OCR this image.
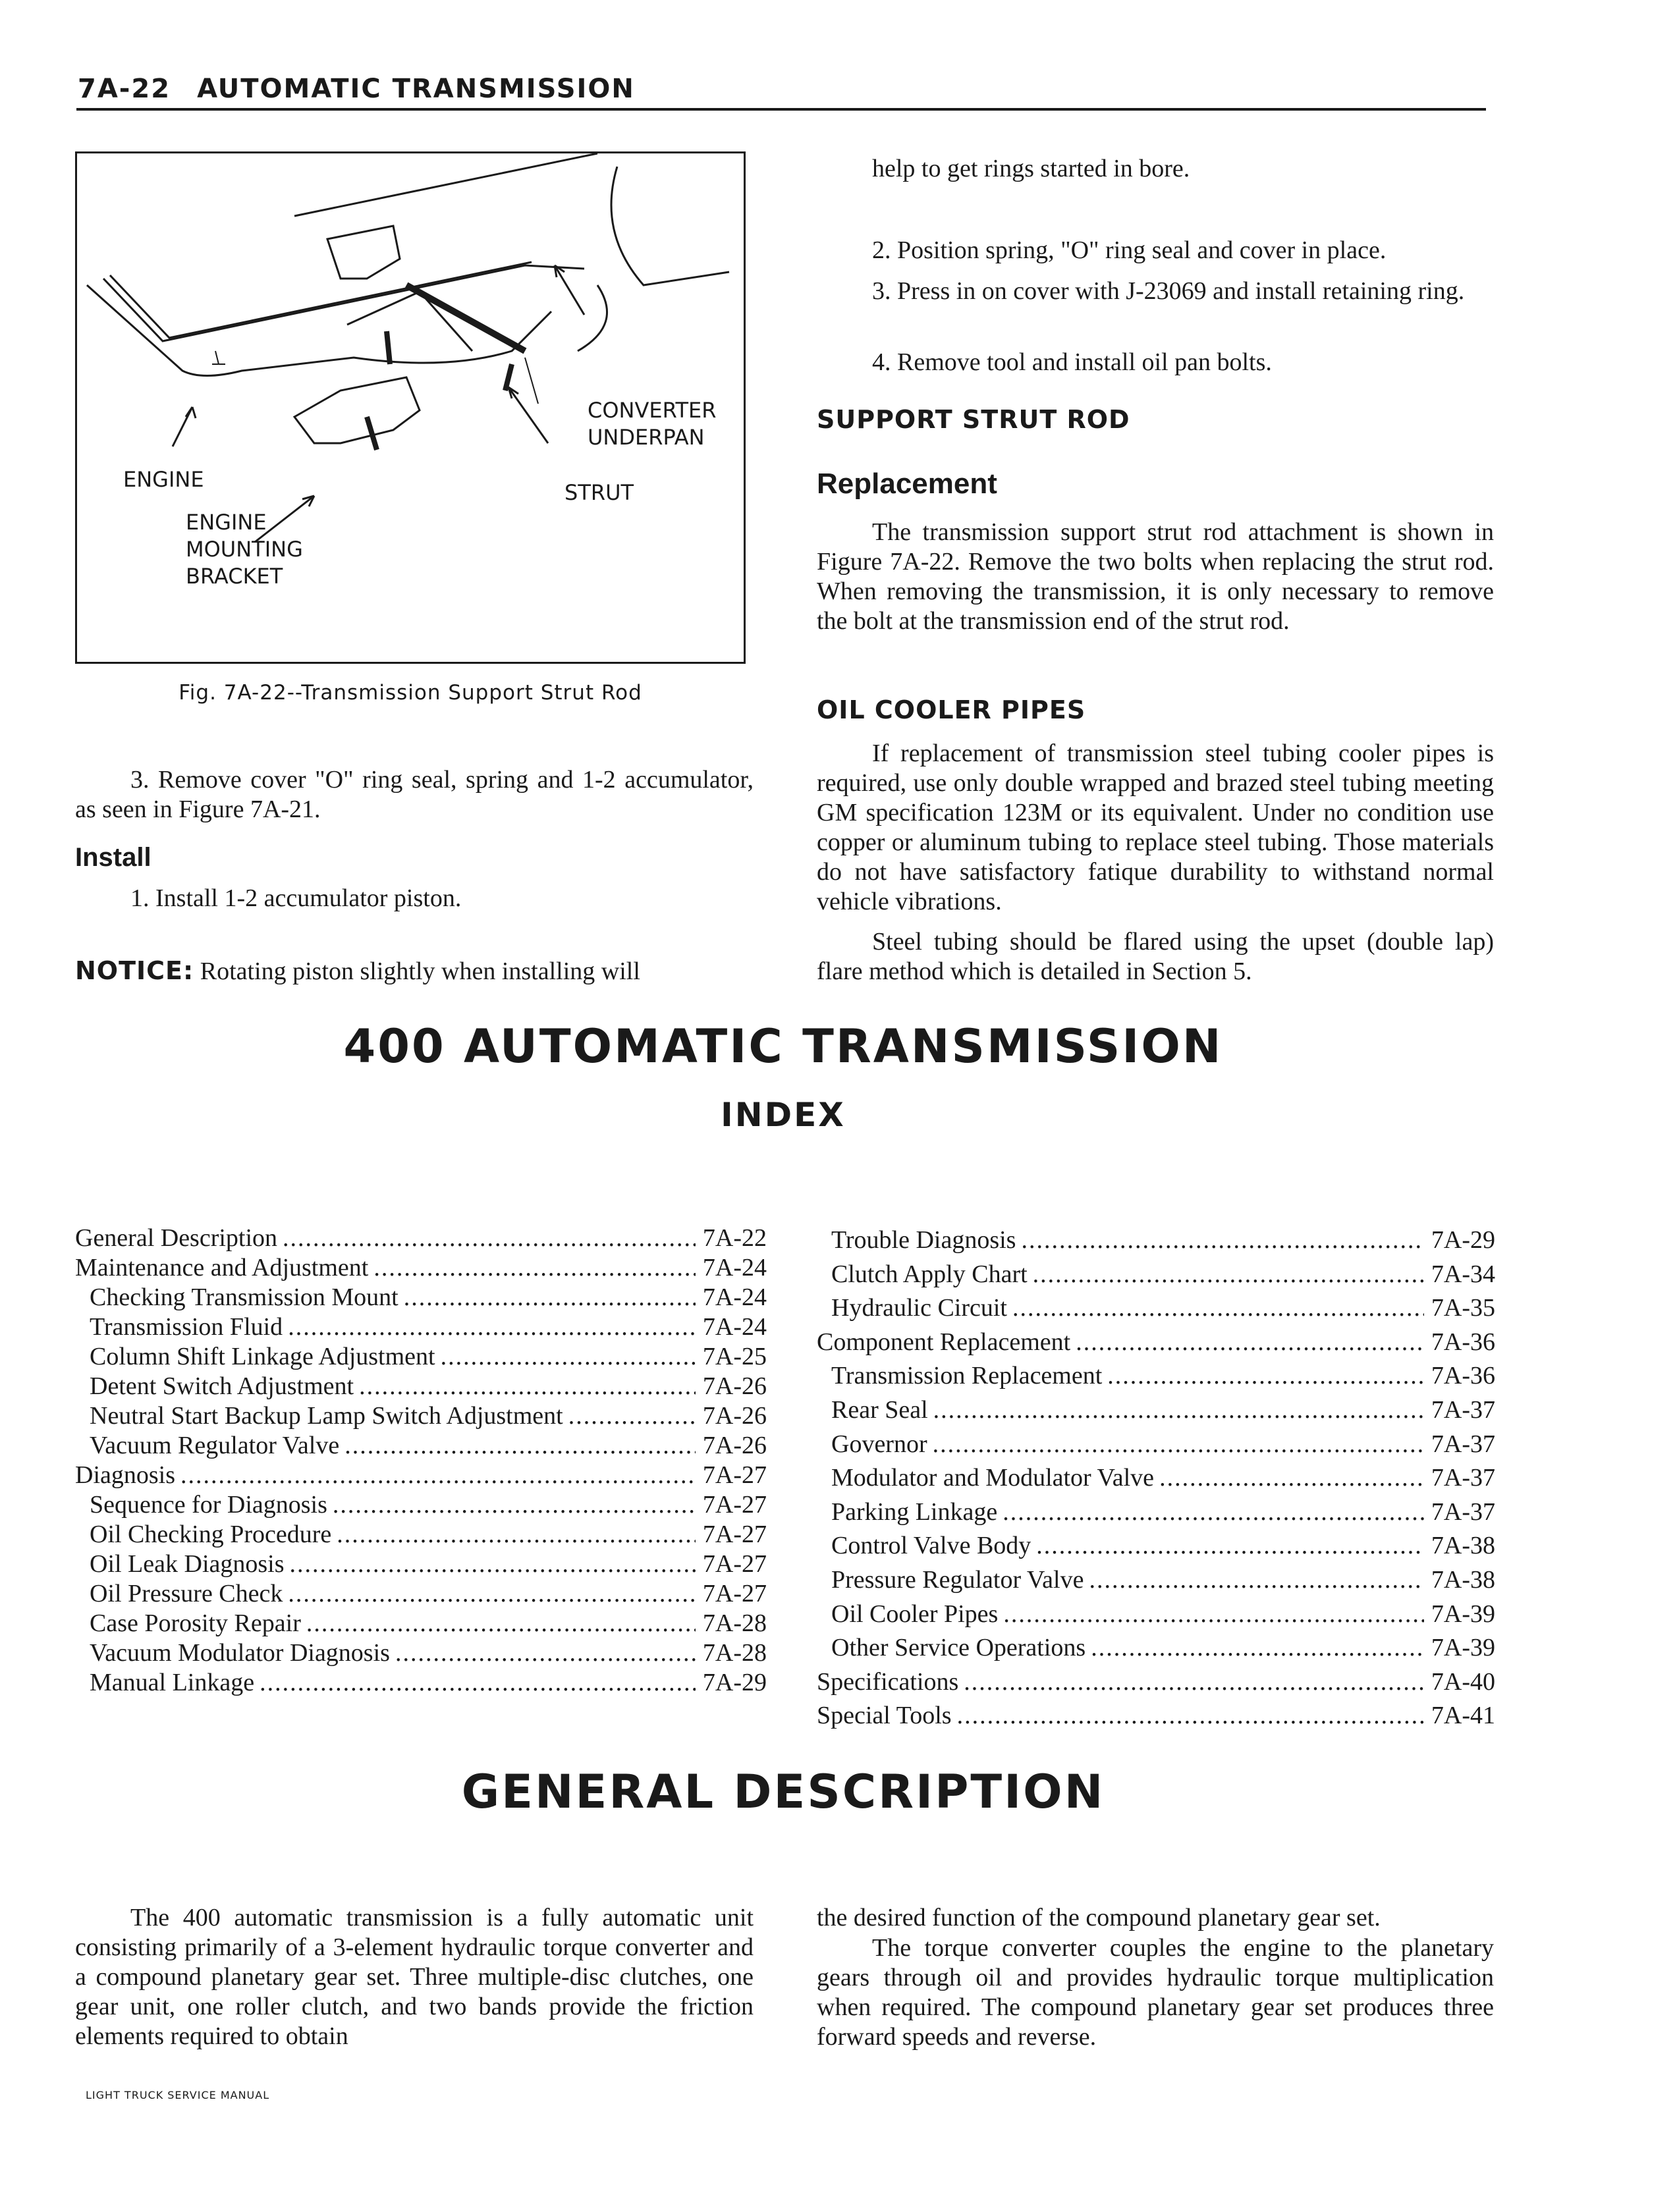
7A-22 AUTOMATIC TRANSMISSION
ENGINE
CONVERTER UNDERPAN
STRUT
ENGINE MOUNTING BRACKET
Fig. 7A-22--Transmission Support Strut Rod
3. Remove cover "O" ring seal, spring and 1-2 accumulator, as seen in Figure 7A-21.
Install
1. Install 1-2 accumulator piston.
NOTICE: Rotating piston slightly when installing will
help to get rings started in bore.
2. Position spring, "O" ring seal and cover in place.
3. Press in on cover with J-23069 and install retaining ring.
4. Remove tool and install oil pan bolts.
SUPPORT STRUT ROD
Replacement
The transmission support strut rod attachment is shown in Figure 7A-22. Remove the two bolts when replacing the strut rod. When removing the transmission, it is only necessary to remove the bolt at the transmission end of the strut rod.
OIL COOLER PIPES
If replacement of transmission steel tubing cooler pipes is required, use only double wrapped and brazed steel tubing meeting GM specification 123M or its equivalent. Under no condition use copper or aluminum tubing to replace steel tubing. Those materials do not have satisfactory fatique durability to withstand normal vehicle vibrations.
Steel tubing should be flared using the upset (double lap) flare method which is detailed in Section 5.
400 AUTOMATIC TRANSMISSION
INDEX
General Description .....	7A-22
Maintenance and Adjustment .....	7A-24
Checking Transmission Mount .....	7A-24
Transmission Fluid .....	7A-24
Column Shift Linkage Adjustment .....	7A-25
Detent Switch Adjustment .....	7A-26
Neutral Start Backup Lamp Switch Adjustment .....	7A-26
Vacuum Regulator Valve .....	7A-26
Diagnosis .....	7A-27
Sequence for Diagnosis .....	7A-27
Oil Checking Procedure .....	7A-27
Oil Leak Diagnosis .....	7A-27
Oil Pressure Check .....	7A-27
Case Porosity Repair .....	7A-28
Vacuum Modulator Diagnosis .....	7A-28
Manual Linkage .....	7A-29
Trouble Diagnosis .....	7A-29
Clutch Apply Chart .....	7A-34
Hydraulic Circuit .....	7A-35
Component Replacement .....	7A-36
Transmission Replacement .....	7A-36
Rear Seal .....	7A-37
Governor .....	7A-37
Modulator and Modulator Valve .....	7A-37
Parking Linkage .....	7A-37
Control Valve Body .....	7A-38
Pressure Regulator Valve .....	7A-38
Oil Cooler Pipes .....	7A-39
Other Service Operations .....	7A-39
Specifications .....	7A-40
Special Tools .....	7A-41
GENERAL DESCRIPTION
The 400 automatic transmission is a fully automatic unit consisting primarily of a 3-element hydraulic torque converter and a compound planetary gear set. Three multiple-disc clutches, one gear unit, one roller clutch, and two bands provide the friction elements required to obtain
the desired function of the compound planetary gear set.
The torque converter couples the engine to the planetary gears through oil and provides hydraulic torque multiplication when required. The compound planetary gear set produces three forward speeds and reverse.
LIGHT TRUCK SERVICE MANUAL
